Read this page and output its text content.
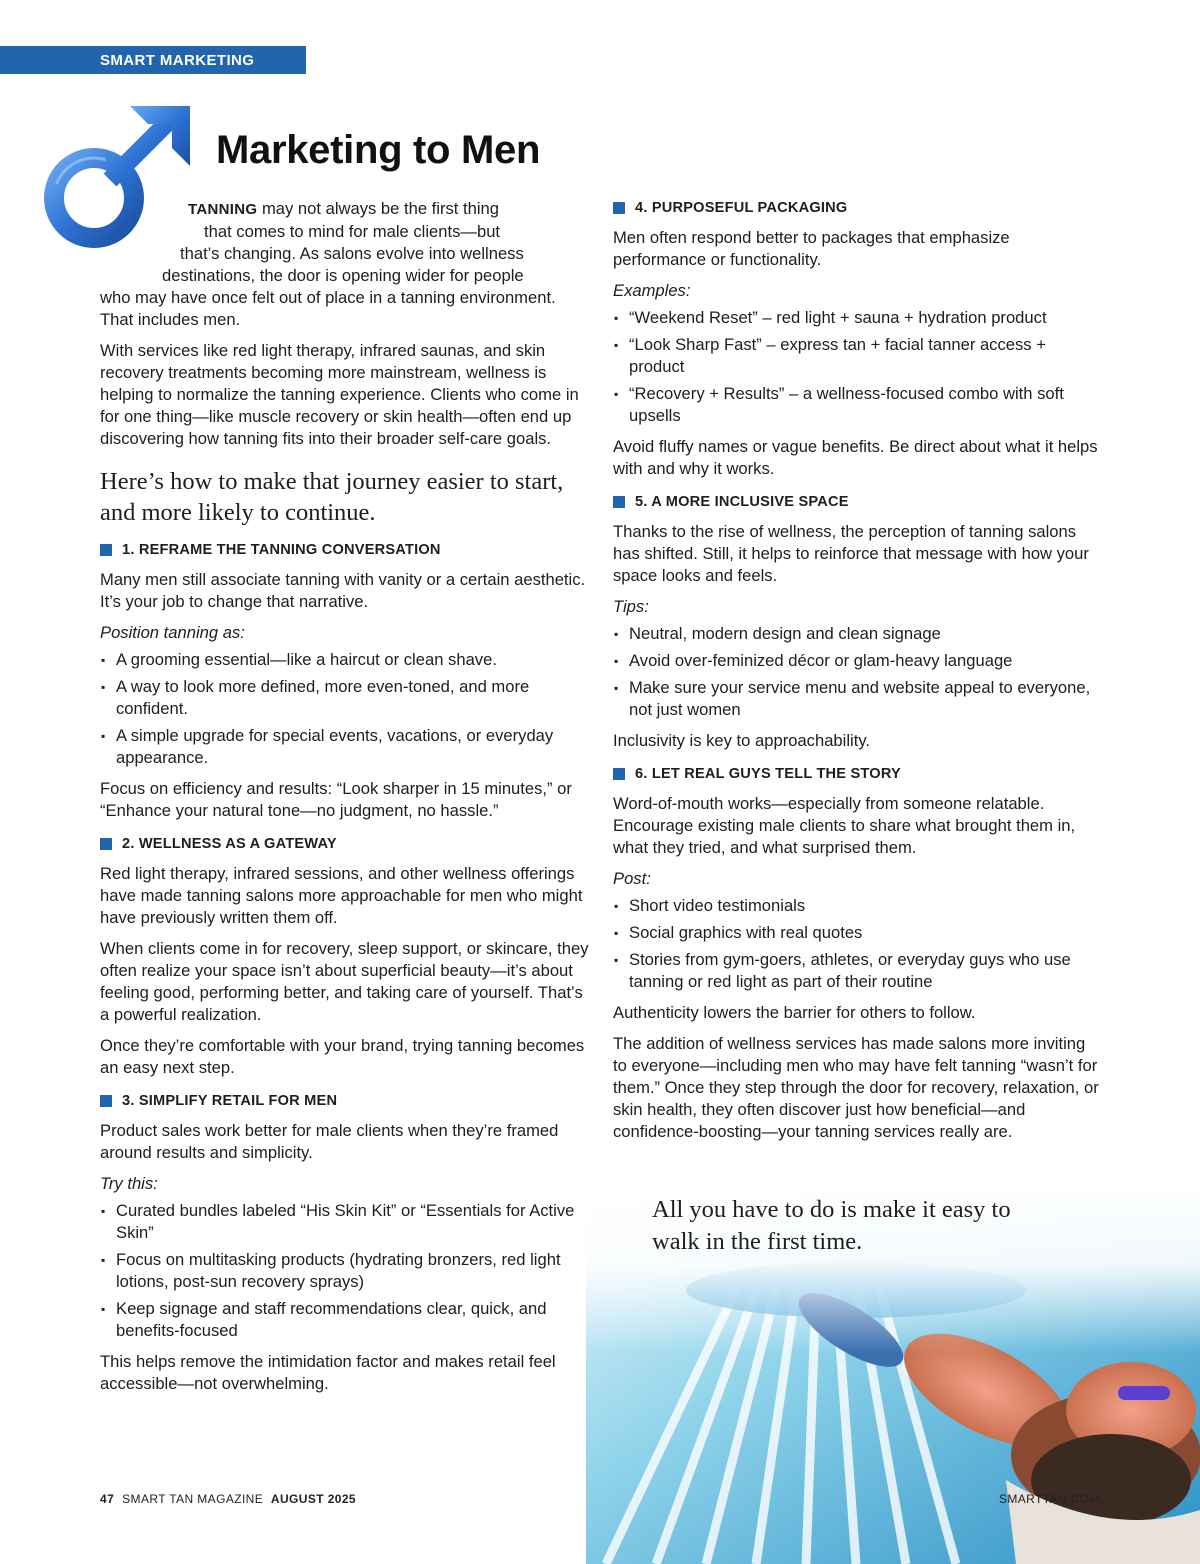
SMART MARKETING
Marketing to Men

TANNING may not always be the first thing
that comes to mind for male clients—but
that’s changing. As salons evolve into wellness
destinations, the door is opening wider for people
who may have once felt out of place in a tanning environment.
That includes men.

With services like red light therapy, infrared saunas, and skin recovery treatments becoming more mainstream, wellness is helping to normalize the tanning experience. Clients who come in for one thing—like muscle recovery or skin health—often end up discovering how tanning fits into their broader self-care goals.

Here’s how to make that journey easier to start, and more likely to continue.
1. REFRAME THE TANNING CONVERSATION

Many men still associate tanning with vanity or a certain aesthetic. It’s your job to change that narrative.

Position tanning as:

▪ A grooming essential—like a haircut or clean shave.
▪ A way to look more defined, more even-toned, and more confident.
▪ A simple upgrade for special events, vacations, or everyday appearance.

Focus on efficiency and results: “Look sharper in 15 minutes,” or “Enhance your natural tone—no judgment, no hassle.”

2. WELLNESS AS A GATEWAY

Red light therapy, infrared sessions, and other wellness offerings have made tanning salons more approachable for men who might have previously written them off.

When clients come in for recovery, sleep support, or skincare, they often realize your space isn’t about superficial beauty—it’s about feeling good, performing better, and taking care of yourself. That’s a powerful realization.

Once they’re comfortable with your brand, trying tanning becomes an easy next step.

3. SIMPLIFY RETAIL FOR MEN

Product sales work better for male clients when they’re framed around results and simplicity.

Try this:

▪ Curated bundles labeled “His Skin Kit” or “Essentials for Active Skin”
▪ Focus on multitasking products (hydrating bronzers, red light lotions, post-sun recovery sprays)
▪ Keep signage and staff recommendations clear, quick, and benefits-focused

This helps remove the intimidation factor and makes retail feel accessible—not overwhelming.

4. PURPOSEFUL PACKAGING

Men often respond better to packages that emphasize performance or functionality.

Examples:

▪ “Weekend Reset” – red light + sauna + hydration product
▪ “Look Sharp Fast” – express tan + facial tanner access + product
▪ “Recovery + Results” – a wellness-focused combo with soft upsells

Avoid fluffy names or vague benefits. Be direct about what it helps with and why it works.

5. A MORE INCLUSIVE SPACE

Thanks to the rise of wellness, the perception of tanning salons has shifted. Still, it helps to reinforce that message with how your space looks and feels.

Tips:

▪ Neutral, modern design and clean signage
▪ Avoid over-feminized décor or glam-heavy language
▪ Make sure your service menu and website appeal to everyone, not just women

Inclusivity is key to approachability.

6. LET REAL GUYS TELL THE STORY

Word-of-mouth works—especially from someone relatable. Encourage existing male clients to share what brought them in, what they tried, and what surprised them.

Post:

▪ Short video testimonials
▪ Social graphics with real quotes
▪ Stories from gym-goers, athletes, or everyday guys who use tanning or red light as part of their routine

Authenticity lowers the barrier for others to follow.

The addition of wellness services has made salons more inviting to everyone—including men who may have felt tanning “wasn’t for them.” Once they step through the door for recovery, relaxation, or skin health, they often discover just how beneficial—and confidence-boosting—your tanning services really are.

All you have to do is make it easy to walk in the first time.

47 SMART TAN MAGAZINE AUGUST 2025	SMARTTAN.COM
